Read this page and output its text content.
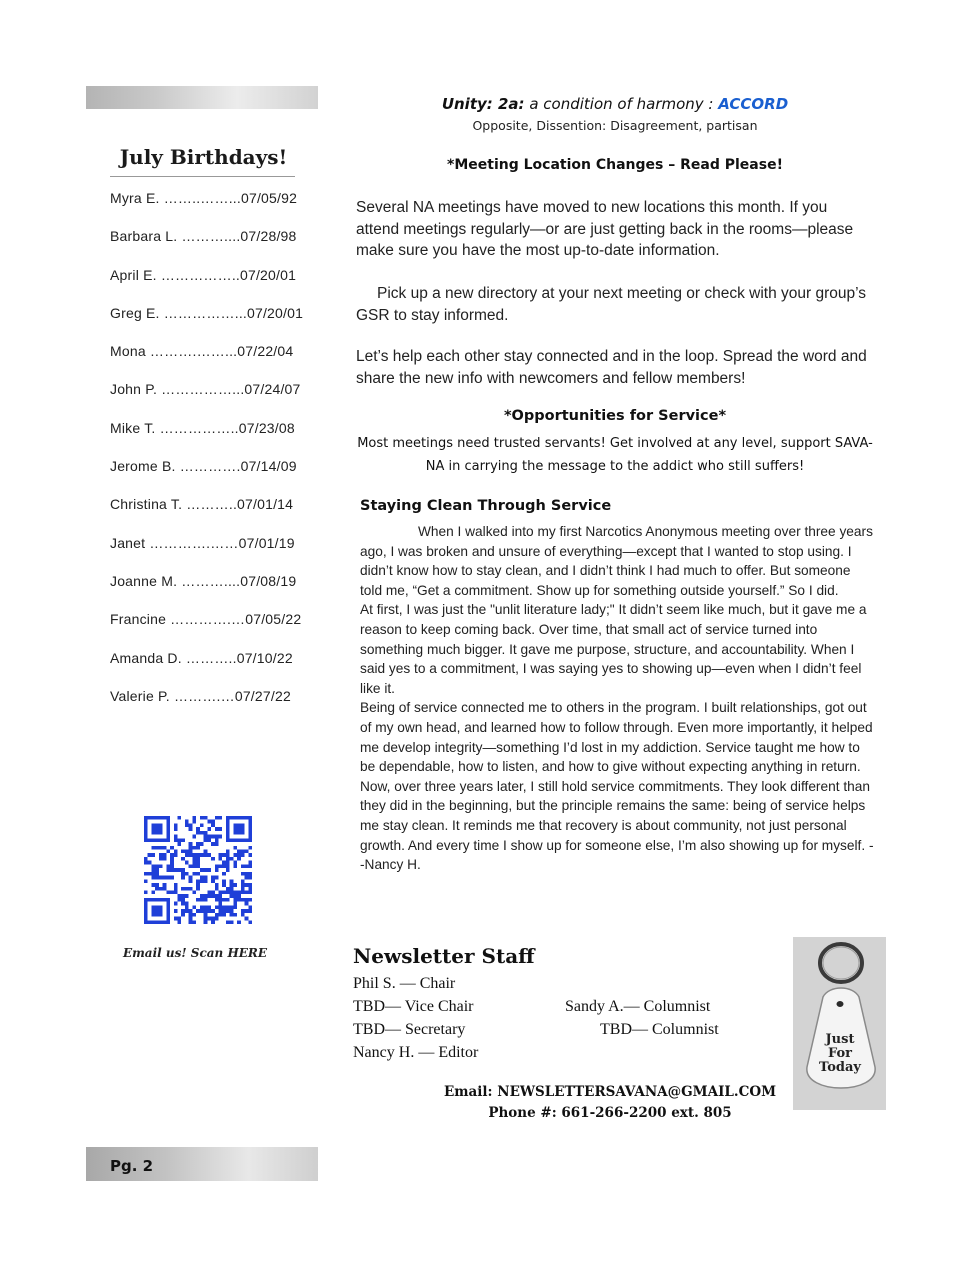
Pg. 2
July Birthdays!
Myra E. ……..……...07/05/92
Barbara L. ………....07/28/98
April E. ……………..07/20/01
Greg E. ……………...07/20/01
Mona ……….……...07/22/04
John P. ……………...07/24/07
Mike T. ……………..07/23/08
Jerome B. ………….07/14/09
Christina T. ………..07/01/14
Janet ………….……07/01/19
Joanne M. ………....07/08/19
Francine ………….…07/05/22
Amanda D. ………..07/10/22
Valerie P. ……….…07/27/22
Email us! Scan HERE
Unity: 2a: a condition of harmony : ACCORD
Opposite, Dissention: Disagreement, partisan
*Meeting Location Changes – Read Please!
Several NA meetings have moved to new locations this month. If you attend meetings regularly—or are just getting back in the rooms—please make sure you have the most up-to-date information.
Pick up a new directory at your next meeting or check with your group’s GSR to stay informed.
Let’s help each other stay connected and in the loop. Spread the word and share the new info with newcomers and fellow members!
*Opportunities for Service*
Most meetings need trusted servants! Get involved at any level, support SAVA-NA in carrying the message to the addict who still suffers!
Staying Clean Through Service

When I walked into my first Narcotics Anonymous meeting over three years ago, I was broken and unsure of everything—except that I wanted to stop using. I didn’t know how to stay clean, and I didn’t think I had much to offer. But someone told me, “Get a commitment. Show up for something outside yourself.” So I did.

At first, I was just the "unlit literature lady;" It didn’t seem like much, but it gave me a reason to keep coming back. Over time, that small act of service turned into something much bigger. It gave me purpose, structure, and accountability. When I said yes to a commitment, I was saying yes to showing up—even when I didn’t feel like it.

Being of service connected me to others in the program. I built relationships, got out of my own head, and learned how to follow through. Even more importantly, it helped me develop integrity—something I’d lost in my addiction. Service taught me how to be dependable, how to listen, and how to give without expecting anything in return.

Now, over three years later, I still hold service commitments. They look different than they did in the beginning, but the principle remains the same: being of service helps me stay clean. It reminds me that recovery is about community, not just personal growth. And every time I show up for someone else, I’m also showing up for myself. --Nancy H.

Newsletter Staff
Phil S. — Chair
TBD— Vice Chair
TBD— Secretary
Nancy H. — Editor
Sandy A.— Columnist
TBD— Columnist
Email: NEWSLETTERSAVANA@GMAIL.COM
Phone #: 661-266-2200 ext. 805
Just
For
Today
